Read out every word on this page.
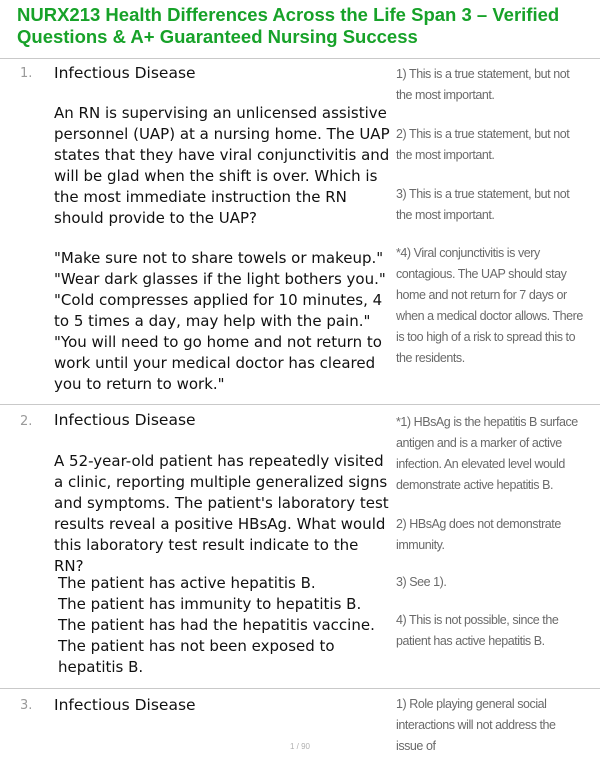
NURX213 Health Differences Across the Life Span 3 – Verified Questions & A+ Guaranteed Nursing Success
1. Infectious Disease
An RN is supervising an unlicensed assistive personnel (UAP) at a nursing home. The UAP states that they have viral conjunctivitis and will be glad when the shift is over. Which is the most immediate instruction the RN should provide to the UAP?
"Make sure not to share towels or makeup."
"Wear dark glasses if the light bothers you."
"Cold compresses applied for 10 minutes, 4 to 5 times a day, may help with the pain."
"You will need to go home and not return to work until your medical doctor has cleared you to return to work."
1) This is a true statement, but not the most important.
2) This is a true statement, but not the most important.
3) This is a true statement, but not the most important.
*4) Viral conjunctivitis is very contagious. The UAP should stay home and not return for 7 days or when a medical doctor allows. There is too high of a risk to spread this to the residents.
2. Infectious Disease
A 52-year-old patient has repeatedly visited a clinic, reporting multiple generalized signs and symptoms. The patient's laboratory test results reveal a positive HBsAg. What would this laboratory test result indicate to the RN?
The patient has active hepatitis B.
The patient has immunity to hepatitis B.
The patient has had the hepatitis vaccine.
The patient has not been exposed to hepatitis B.
*1) HBsAg is the hepatitis B surface antigen and is a marker of active infection. An elevated level would demonstrate active hepatitis B.
2) HBsAg does not demonstrate immunity.
3) See 1).
4) This is not possible, since the patient has active hepatitis B.
3. Infectious Disease	1) Role playing general social interactions will not address the issue of
1 / 90
